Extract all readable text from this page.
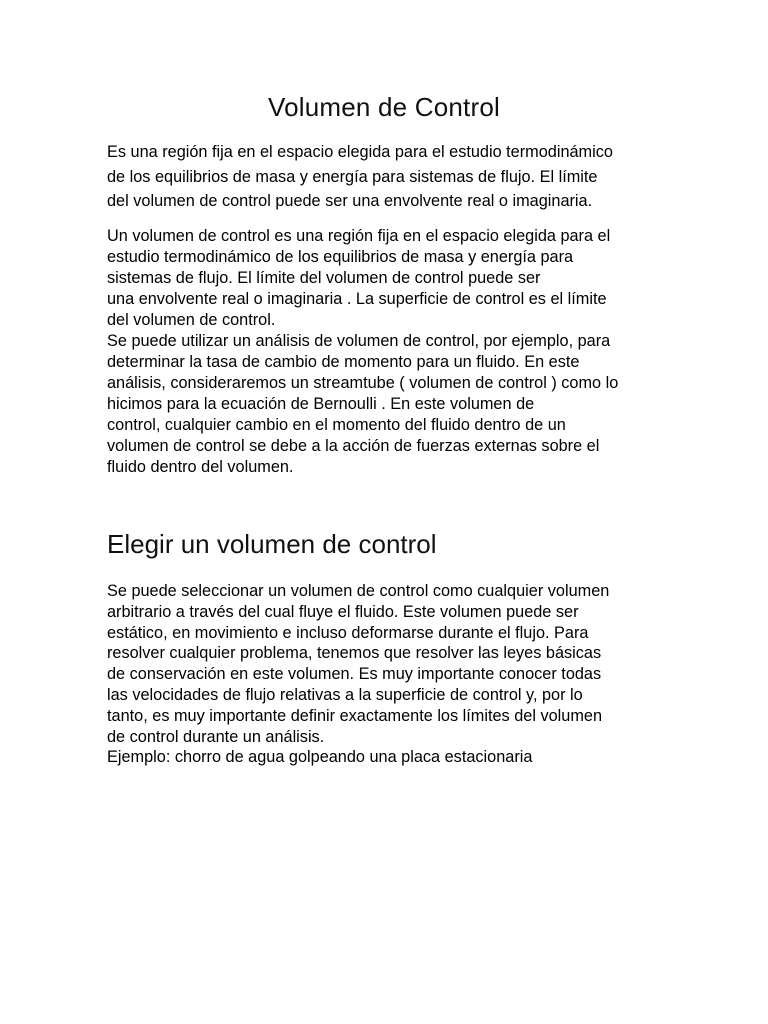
Volumen de Control

Es una región fija en el espacio elegida para el estudio termodinámico
de los equilibrios de masa y energía para sistemas de flujo. El límite
del volumen de control puede ser una envolvente real o imaginaria.

Un volumen de control es una región fija en el espacio elegida para el
estudio termodinámico de los equilibrios de masa y energía para
sistemas de flujo. El límite del volumen de control puede ser
una envolvente real o imaginaria . La superficie de control es el límite
del volumen de control.
Se puede utilizar un análisis de volumen de control, por ejemplo, para
determinar la tasa de cambio de momento para un fluido. En este
análisis, consideraremos un streamtube ( volumen de control ) como lo
hicimos para la ecuación de Bernoulli . En este volumen de
control, cualquier cambio en el momento del fluido dentro de un
volumen de control se debe a la acción de fuerzas externas sobre el
fluido dentro del volumen.

Elegir un volumen de control

Se puede seleccionar un volumen de control como cualquier volumen
arbitrario a través del cual fluye el fluido. Este volumen puede ser
estático, en movimiento e incluso deformarse durante el flujo. Para
resolver cualquier problema, tenemos que resolver las leyes básicas
de conservación en este volumen. Es muy importante conocer todas
las velocidades de flujo relativas a la superficie de control y, por lo
tanto, es muy importante definir exactamente los límites del volumen
de control durante un análisis.
Ejemplo: chorro de agua golpeando una placa estacionaria
